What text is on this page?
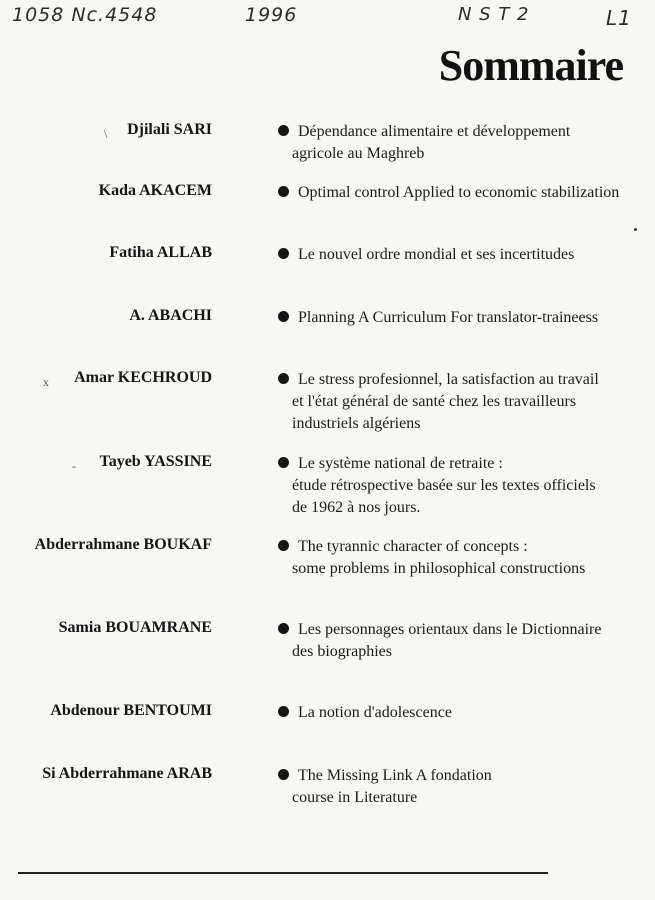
1058 Nc.4548	1996	N S T 2	L1
Sommaire
\ Djilali SARI	Dépendance alimentaire et développement
agricole au Maghreb
Kada AKACEM	Optimal control Applied to economic stabilization
Fatiha ALLAB	Le nouvel ordre mondial et ses incertitudes
A. ABACHI	Planning A Curriculum For translator-traineess
x Amar KECHROUD	Le stress profesionnel, la satisfaction au travail
et l'état général de santé chez les travailleurs
industriels algériens
- Tayeb YASSINE	Le système national de retraite :
étude rétrospective basée sur les textes officiels
de 1962 à nos jours.
Abderrahmane BOUKAF	The tyrannic character of concepts :
some problems in philosophical constructions
Samia BOUAMRANE	Les personnages orientaux dans le Dictionnaire
des biographies
Abdenour BENTOUMI	La notion d'adolescence
Si Abderrahmane ARAB	The Missing Link A fondation
course in Literature
